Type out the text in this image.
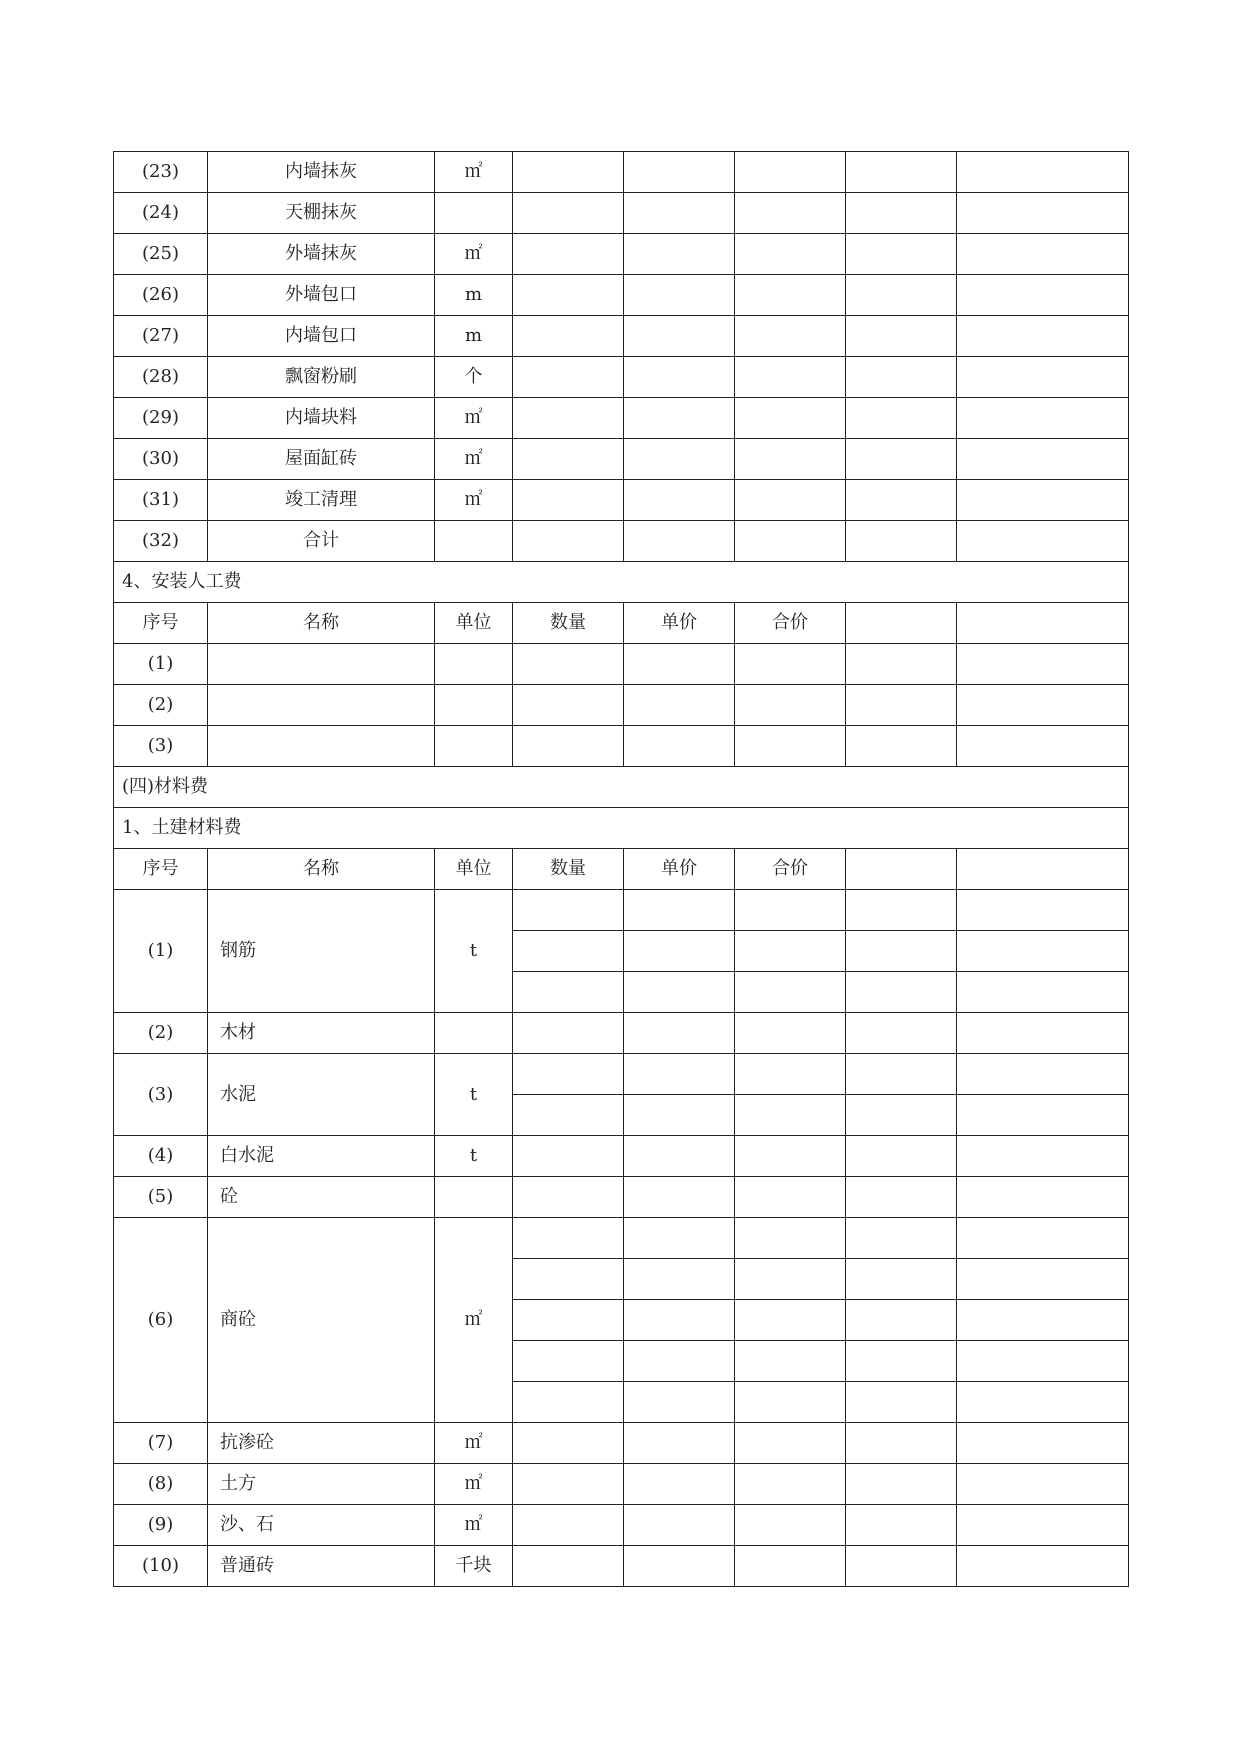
(23)	内墙抹灰	㎡					
(24)	天棚抹灰						
(25)	外墙抹灰	㎡					
(26)	外墙包口	m					
(27)	内墙包口	m					
(28)	飘窗粉刷	个					
(29)	内墙块料	㎡					
(30)	屋面缸砖	㎡					
(31)	竣工清理	㎡					
(32)	合计						
4、安装人工费							
序号	名称	单位	数量	单价	合价		
(1)							
(2)							
(3)							
(四)材料费							
1、土建材料费							
序号	名称	单位	数量	单价	合价		
(1)	钢筋	t					

(2)	木材						
(3)	水泥	t					

(4)	白水泥	t					
(5)	砼						
(6)	商砼	㎡					

(7)	抗渗砼	㎡					
(8)	土方	㎡					
(9)	沙、石	㎡					
(10)	普通砖	千块					
